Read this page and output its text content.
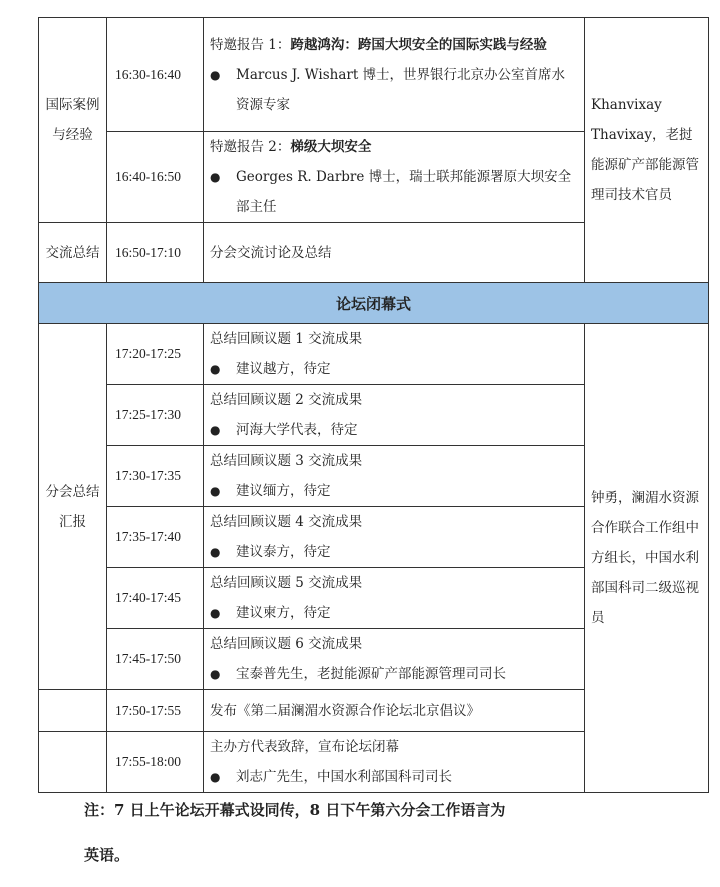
国际案例与经验	16:30-16:40	特邀报告 1：跨越鸿沟：跨国大坝安全的国际实践与经验
● Marcus J. Wishart 博士，世界银行北京办公室首席水资源专家	Khanvixay Thavixay，老挝能源矿产部能源管理司技术官员
	16:40-16:50	特邀报告 2：梯级大坝安全
● Georges R. Darbre 博士，瑞士联邦能源署原大坝安全部主任	

交流总结	16:50-17:10	分会交流讨论及总结	
论坛闭幕式			
分会总结汇报	17:20-17:25	总结回顾议题 1 交流成果
● 建议越方，待定	钟勇，澜湄水资源合作联合工作组中方组长，中国水利部国科司二级巡视员
	17:25-17:30	总结回顾议题 2 交流成果
● 河海大学代表，待定	

	17:30-17:35	总结回顾议题 3 交流成果
● 建议缅方，待定	

	17:35-17:40	总结回顾议题 4 交流成果
● 建议泰方，待定	

	17:40-17:45	总结回顾议题 5 交流成果
● 建议柬方，待定	

	17:45-17:50	总结回顾议题 6 交流成果
● 宝泰普先生，老挝能源矿产部能源管理司司长	

	17:50-17:55	发布《第二届澜湄水资源合作论坛北京倡议》	
	17:55-18:00	主办方代表致辞，宣布论坛闭幕
● 刘志广先生，中国水利部国科司司长	
注：7 日上午论坛开幕式设同传，8 日下午第六分会工作语言为
英语。
